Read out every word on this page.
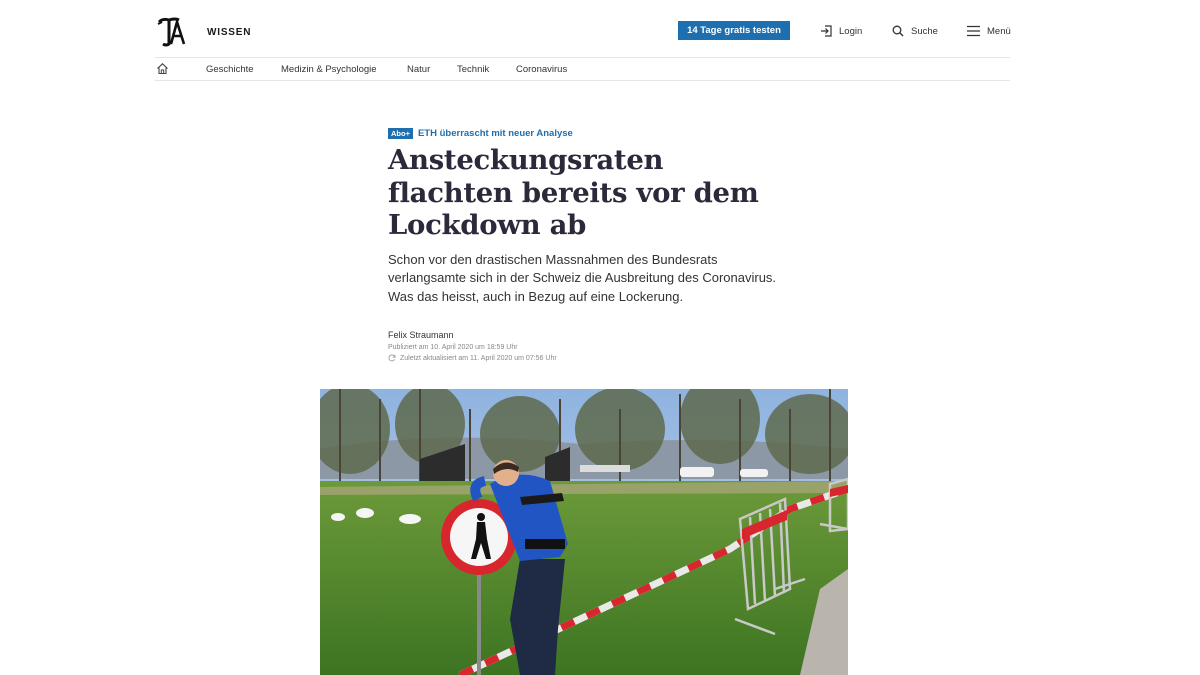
WISSEN	14 Tage gratis testen	Login	Suche	Menü
Geschichte	Medizin & Psychologie	Natur	Technik	Coronavirus
Abo+ ETH überrascht mit neuer Analyse
Ansteckungsraten flachten bereits vor dem Lockdown ab

Schon vor den drastischen Massnahmen des Bundesrats verlangsamte sich in der Schweiz die Ausbreitung des Coronavirus. Was das heisst, auch in Bezug auf eine Lockerung.

Felix Straumann
Publiziert am 10. April 2020 um 18:59 Uhr
Zuletzt aktualisiert am 11. April 2020 um 07:56 Uhr
